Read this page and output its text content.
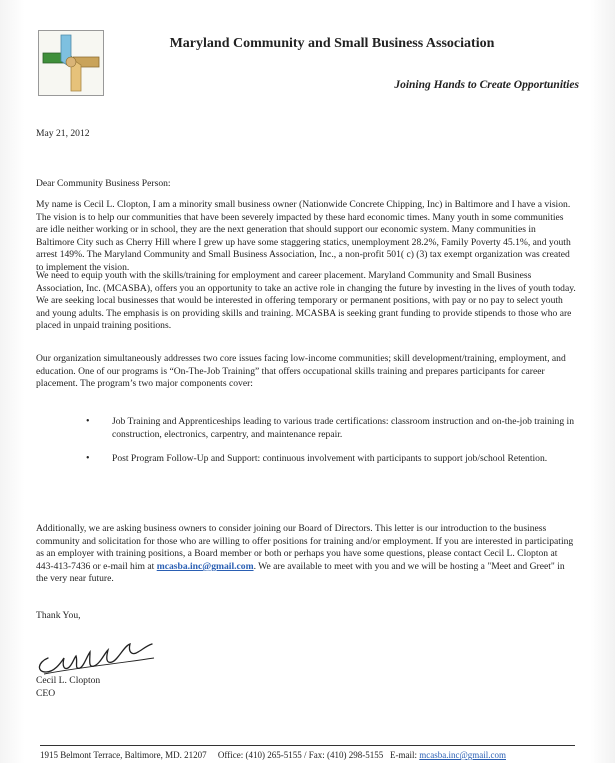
Maryland Community and Small Business Association
Joining Hands to Create Opportunities
May 21, 2012
Dear Community Business Person:
My name is Cecil L. Clopton, I am a minority small business owner (Nationwide Concrete Chipping, Inc) in Baltimore and I have a vision. The vision is to help our communities that have been severely impacted by these hard economic times. Many youth in some communities are idle neither working or in school, they are the next generation that should support our economic system. Many communities in Baltimore City such as Cherry Hill where I grew up have some staggering statics, unemployment 28.2%, Family Poverty 45.1%, and youth arrest 149%. The Maryland Community and Small Business Association, Inc., a non-profit 501( c) (3) tax exempt organization was created to implement the vision.
We need to equip youth with the skills/training for employment and career placement. Maryland Community and Small Business Association, Inc. (MCASBA), offers you an opportunity to take an active role in changing the future by investing in the lives of youth today. We are seeking local businesses that would be interested in offering temporary or permanent positions, with pay or no pay to select youth and young adults. The emphasis is on providing skills and training. MCASBA is seeking grant funding to provide stipends to those who are placed in unpaid training positions.
Our organization simultaneously addresses two core issues facing low-income communities; skill development/training, employment, and education. One of our programs is “On-The-Job Training” that offers occupational skills training and prepares participants for career placement. The program’s two major components cover:
• Job Training and Apprenticeships leading to various trade certifications: classroom instruction and on-the-job training in construction, electronics, carpentry, and maintenance repair.
• Post Program Follow-Up and Support: continuous involvement with participants to support job/school Retention.
Additionally, we are asking business owners to consider joining our Board of Directors. This letter is our introduction to the business community and solicitation for those who are willing to offer positions for training and/or employment. If you are interested in participating as an employer with training positions, a Board member or both or perhaps you have some questions, please contact Cecil L. Clopton at 443-413-7436 or e-mail him at mcasba.inc@gmail.com. We are available to meet with you and we will be hosting a "Meet and Greet" in the very near future.
Thank You,
Cecil L. Clopton
CEO
1915 Belmont Terrace, Baltimore, MD. 21207 Office: (410) 265-5155 / Fax: (410) 298-5155 E-mail: mcasba.inc@gmail.com
